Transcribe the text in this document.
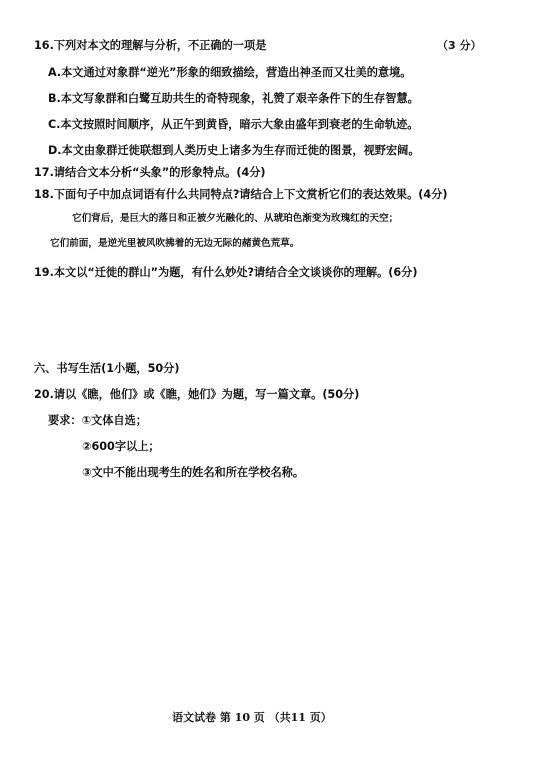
16.下列对本文的理解与分析，不正确的一项是	（3 分）
A.本文通过对象群“逆光”形象的细致描绘，营造出神圣而又壮美的意境。
B.本文写象群和白鹭互助共生的奇特现象，礼赞了艰辛条件下的生存智慧。
C.本文按照时间顺序，从正午到黄昏，暗示大象由盛年到衰老的生命轨迹。
D.本文由象群迁徙联想到人类历史上诸多为生存而迁徙的图景，视野宏阔。
17.请结合文本分析“头象”的形象特点。(4分)
18.下面句子中加点词语有什么共同特点?请结合上下文赏析它们的表达效果。(4分)
它们背后，是巨大的落日和正被夕光融化的、从琥珀色渐变为玫瑰红的天空；
它们前面，是逆光里被风吹拂着的无边无际的赭黄色荒草。
19.本文以“迁徙的群山”为题，有什么妙处?请结合全文谈谈你的理解。(6分)
六、书写生活(1小题，50分)
20.请以《瞧，他们》或《瞧，她们》为题，写一篇文章。(50分)
要求：①文体自选；
②600字以上；
③文中不能出现考生的姓名和所在学校名称。
语文试卷 第 10 页 （共11 页）
